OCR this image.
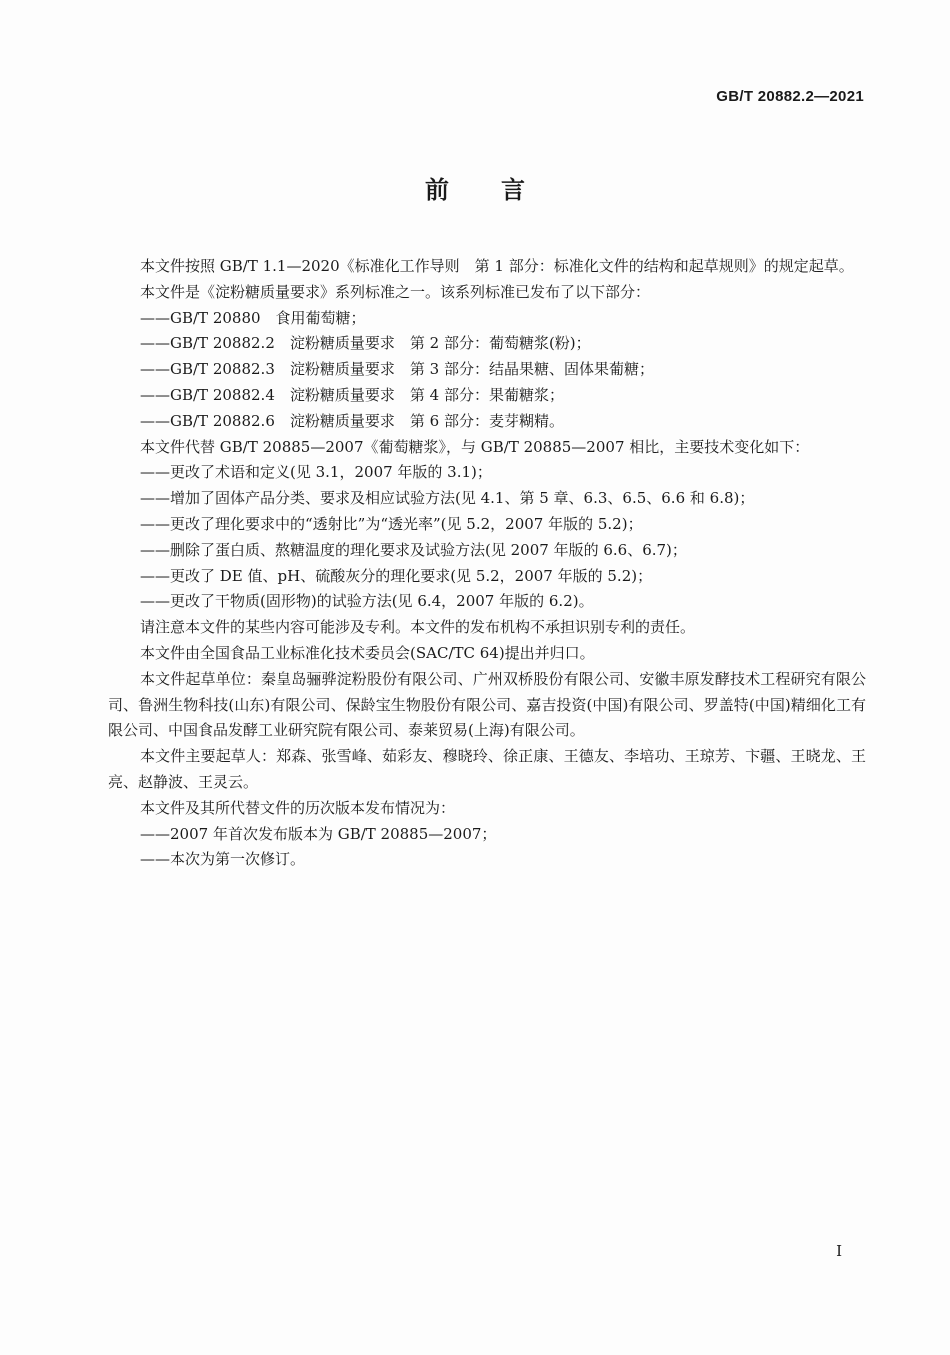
GB/T 20882.2—2021
前言

本文件按照 GB/T 1.1—2020《标准化工作导则　第 1 部分：标准化文件的结构和起草规则》的规定起草。

本文件是《淀粉糖质量要求》系列标准之一。该系列标准已发布了以下部分：

——GB/T 20880　食用葡萄糖；

——GB/T 20882.2　淀粉糖质量要求　第 2 部分：葡萄糖浆(粉)；

——GB/T 20882.3　淀粉糖质量要求　第 3 部分：结晶果糖、固体果葡糖；

——GB/T 20882.4　淀粉糖质量要求　第 4 部分：果葡糖浆；

——GB/T 20882.6　淀粉糖质量要求　第 6 部分：麦芽糊精。

本文件代替 GB/T 20885—2007《葡萄糖浆》，与 GB/T 20885—2007 相比，主要技术变化如下：

——更改了术语和定义(见 3.1，2007 年版的 3.1)；

——增加了固体产品分类、要求及相应试验方法(见 4.1、第 5 章、6.3、6.5、6.6 和 6.8)；

——更改了理化要求中的“透射比”为“透光率”(见 5.2，2007 年版的 5.2)；

——删除了蛋白质、熬糖温度的理化要求及试验方法(见 2007 年版的 6.6、6.7)；

——更改了 DE 值、pH、硫酸灰分的理化要求(见 5.2，2007 年版的 5.2)；

——更改了干物质(固形物)的试验方法(见 6.4，2007 年版的 6.2)。

请注意本文件的某些内容可能涉及专利。本文件的发布机构不承担识别专利的责任。

本文件由全国食品工业标准化技术委员会(SAC/TC 64)提出并归口。

本文件起草单位：秦皇岛骊骅淀粉股份有限公司、广州双桥股份有限公司、安徽丰原发酵技术工程研究有限公司、鲁洲生物科技(山东)有限公司、保龄宝生物股份有限公司、嘉吉投资(中国)有限公司、罗盖特(中国)精细化工有限公司、中国食品发酵工业研究院有限公司、泰莱贸易(上海)有限公司。

本文件主要起草人：郑森、张雪峰、茹彩友、穆晓玲、徐正康、王德友、李培功、王琼芳、卞疆、王晓龙、王亮、赵静波、王灵云。

本文件及其所代替文件的历次版本发布情况为：

——2007 年首次发布版本为 GB/T 20885—2007；

——本次为第一次修订。

I
